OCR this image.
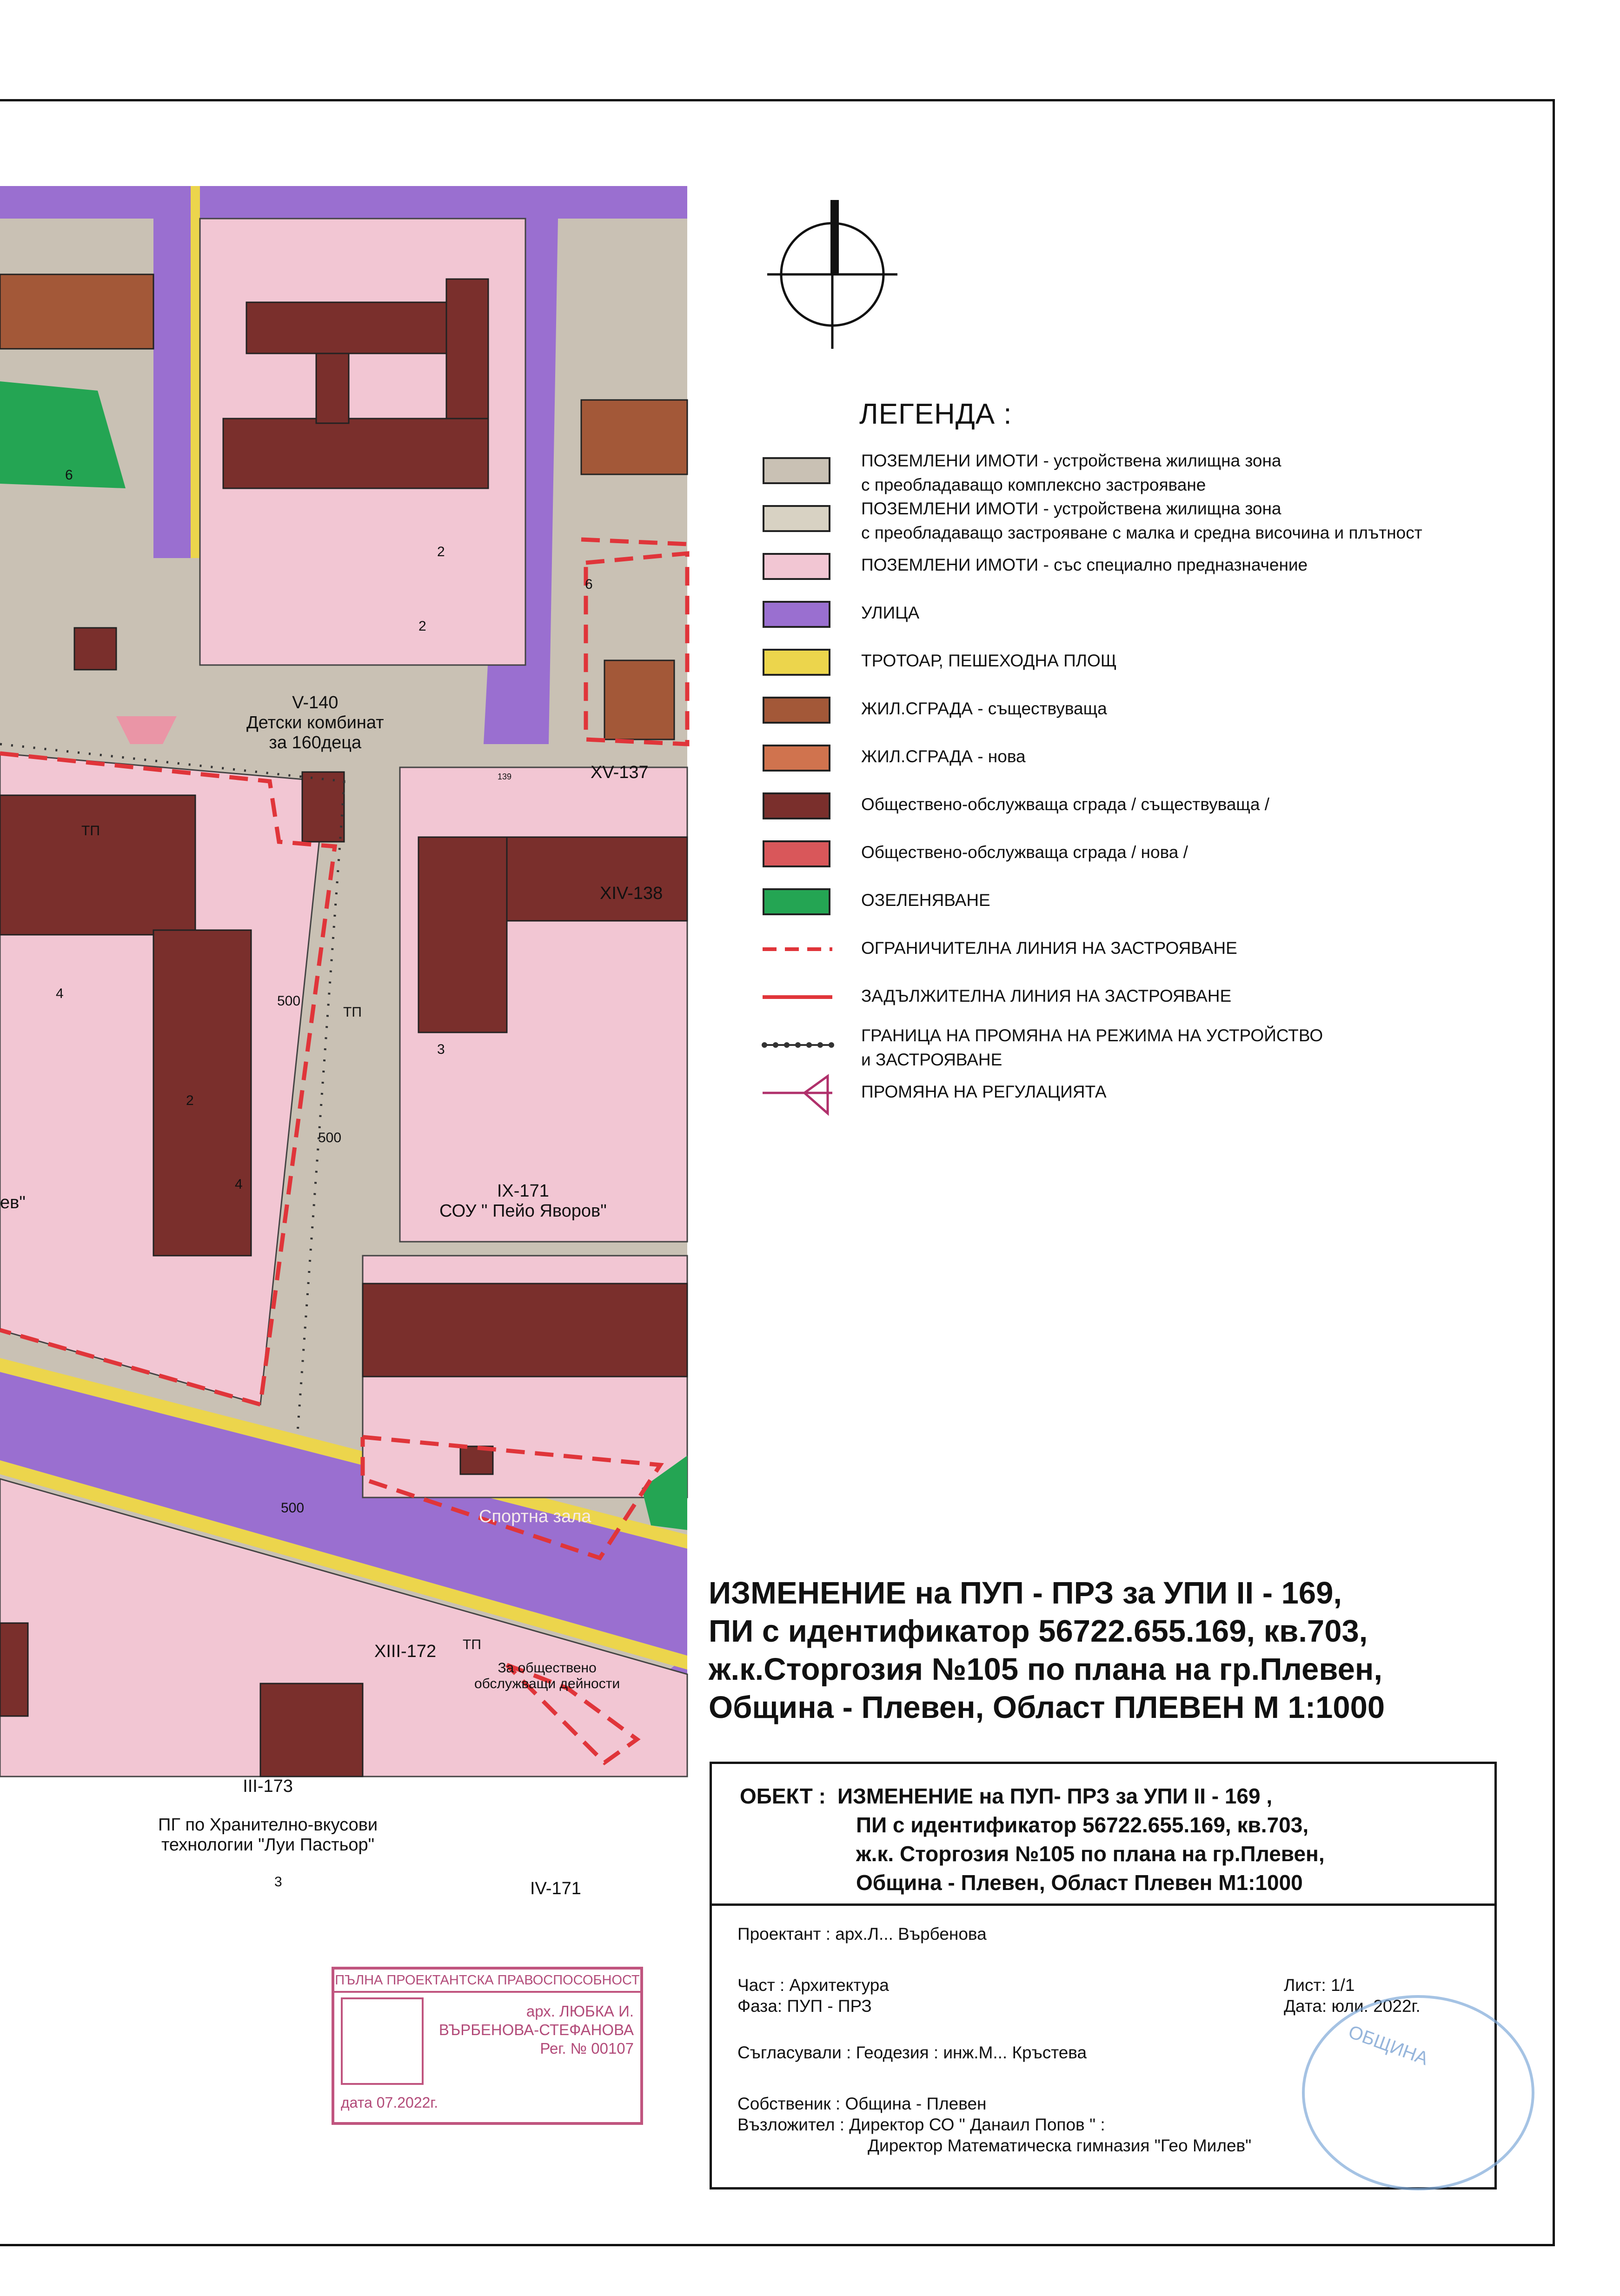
V-140
Детски комбинат
за 160деца
IX-171
СОУ " Пейо Яворов"
За обществено
обслужващи дейности
XIII-172
III-173
ПГ по Хранително-вкусови
технологии "Луи Пастьор"
XV-137
XIV-138
IV-171
Спортна зала
ев"
ТП
ТП
ТП
500
500
500
139
2
2
2
3
3
4
4
6
6
ЛЕГЕНДА :
ПОЗЕМЛЕНИ ИМОТИ - устройствена жилищна зона
с преобладаващо комплексно застрояване
ПОЗЕМЛЕНИ ИМОТИ - устройствена жилищна зона
с преобладаващо застрояване с малка и средна височина и плътност
ПОЗЕМЛЕНИ ИМОТИ - със специално предназначение
УЛИЦА
ТРОТОАР, ПЕШЕХОДНА ПЛОЩ
ЖИЛ.СГРАДА - съществуваща
ЖИЛ.СГРАДА - нова
Обществено-обслужваща сграда / съществуваща /
Обществено-обслужваща сграда / нова /
ОЗЕЛЕНЯВАНЕ
ОГРАНИЧИТЕЛНА ЛИНИЯ НА ЗАСТРОЯВАНЕ
ЗАДЪЛЖИТЕЛНА ЛИНИЯ НА ЗАСТРОЯВАНЕ
ГРАНИЦА НА ПРОМЯНА НА РЕЖИМА НА УСТРОЙСТВО
и ЗАСТРОЯВАНЕ
ПРОМЯНА НА РЕГУЛАЦИЯТА
ИЗМЕНЕНИЕ на ПУП - ПРЗ за УПИ II - 169,
ПИ с идентификатор 56722.655.169, кв.703,
ж.к.Сторгозия №105 по плана на гр.Плевен,
Община - Плевен, Област ПЛЕВЕН М 1:1000
ОБЕКТ : ИЗМЕНЕНИЕ на ПУП- ПРЗ за УПИ II - 169 ,
ПИ с идентификатор 56722.655.169, кв.703,
ж.к. Сторгозия №105 по плана на гр.Плевен,
Община - Плевен, Област Плевен М1:1000
Проектант : арх.Л... Върбенова
Част : Архитектура
Фаза: ПУП - ПРЗ
Лист: 1/1
Дата: юли. 2022г.
Съгласували : Геодезия : инж.М... Кръстева
Собственик : Община - Плевен
Възложител : Директор СО " Данаил Попов " :
Директор Математическа гимназия "Гео Милев"
ПЪЛНА ПРОЕКТАНТСКА ПРАВОСПОСОБНОСТ
арх. ЛЮБКА И.
ВЪРБЕНОВА-СТЕФАНОВА
Рег. № 00107
дата 07.2022г.
ОБЩИНА
